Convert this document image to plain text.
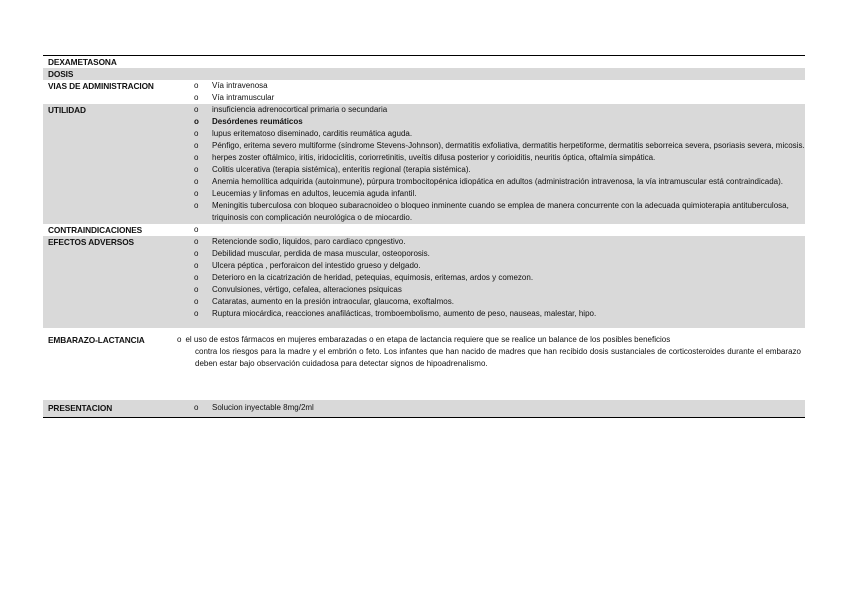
DEXAMETASONA
DOSIS
VIAS DE ADMINISTRACION	o Vía intravenosa
o Vía intramuscular
UTILIDAD	o insuficiencia adrenocortical primaria o secundaria
o Desórdenes reumáticos
o lupus eritematoso diseminado, carditis reumática aguda.
o Pénfigo, eritema severo multiforme (síndrome Stevens-Johnson), dermatitis exfoliativa, dermatitis herpetiforme, dermatitis seborreica severa, psoriasis severa, micosis.
o herpes zoster oftálmico, iritis, iridociclitis, coriorretinitis, uveítis difusa posterior y corioiditis, neuritis óptica, oftalmía simpática.
o Colitis ulcerativa (terapia sistémica), enteritis regional (terapia sistémica).
o Anemia hemolítica adquirida (autoinmune), púrpura trombocitopénica idiopática en adultos (administración intravenosa, la vía intramuscular está contraindicada).
o Leucemias y linfomas en adultos, leucemia aguda infantil.
o Meningitis tuberculosa con bloqueo subaracnoideo o bloqueo inminente cuando se emplea de manera concurrente con la adecuada quimioterapia antituberculosa, triquinosis con complicación neurológica o de miocardio.
CONTRAINDICACIONES	o
EFECTOS ADVERSOS	o Retencionde sodio, liquidos, paro cardiaco cpngestivo.
o Debilidad muscular, perdida de masa muscular, osteoporosis.
o Ulcera péptica , perforaicon del intestido grueso y delgado.
o Deterioro en la cicatrización de heridad, petequias, equimosis, eritemas, ardos y comezon.
o Convulsiones, vértigo, cefalea, alteraciones psiquicas
o Cataratas, aumento en la presión intraocular, glaucoma, exoftalmos.
o Ruptura miocárdica, reacciones anafilácticas, tromboembolismo, aumento de peso, nauseas, malestar, hipo.
EMBARAZO-LACTANCIA	o el uso de estos fármacos en mujeres embarazadas o en etapa de lactancia requiere que se realice un balance de los posibles beneficios
contra los riesgos para la madre y el embrión o feto. Los infantes que han nacido de madres que han recibido dosis sustanciales de corticosteroides durante el embarazo deben estar bajo observación cuidadosa para detectar signos de hipoadrenalismo.
PRESENTACION	o Solucion inyectable 8mg/2ml
